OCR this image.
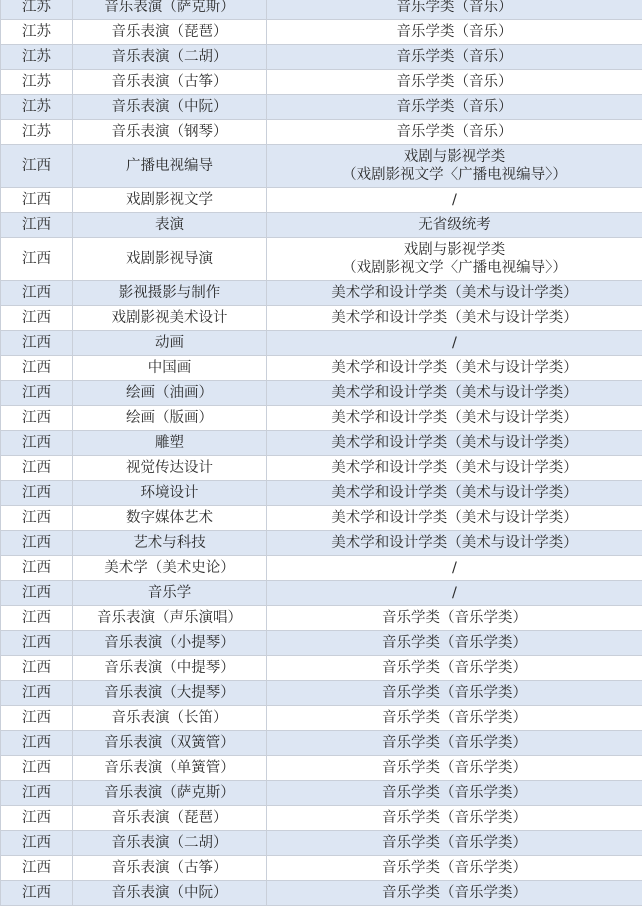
江苏	音乐表演（萨克斯）	音乐学类（音乐）

江苏	音乐表演（琵琶）	音乐学类（音乐）

江苏	音乐表演（二胡）	音乐学类（音乐）

江苏	音乐表演（古筝）	音乐学类（音乐）

江苏	音乐表演（中阮）	音乐学类（音乐）

江苏	音乐表演（钢琴）	音乐学类（音乐）

江西	广播电视编导	戏剧与影视学类
（戏剧影视文学〈广播电视编导〉）

江西	戏剧影视文学	/

江西	表演	无省级统考

江西	戏剧影视导演	戏剧与影视学类
（戏剧影视文学〈广播电视编导〉）

江西	影视摄影与制作	美术学和设计学类（美术与设计学类）

江西	戏剧影视美术设计	美术学和设计学类（美术与设计学类）

江西	动画	/

江西	中国画	美术学和设计学类（美术与设计学类）

江西	绘画（油画）	美术学和设计学类（美术与设计学类）

江西	绘画（版画）	美术学和设计学类（美术与设计学类）

江西	雕塑	美术学和设计学类（美术与设计学类）

江西	视觉传达设计	美术学和设计学类（美术与设计学类）

江西	环境设计	美术学和设计学类（美术与设计学类）

江西	数字媒体艺术	美术学和设计学类（美术与设计学类）

江西	艺术与科技	美术学和设计学类（美术与设计学类）

江西	美术学（美术史论）	/

江西	音乐学	/

江西	音乐表演（声乐演唱）	音乐学类（音乐学类）

江西	音乐表演（小提琴）	音乐学类（音乐学类）

江西	音乐表演（中提琴）	音乐学类（音乐学类）

江西	音乐表演（大提琴）	音乐学类（音乐学类）

江西	音乐表演（长笛）	音乐学类（音乐学类）

江西	音乐表演（双簧管）	音乐学类（音乐学类）

江西	音乐表演（单簧管）	音乐学类（音乐学类）

江西	音乐表演（萨克斯）	音乐学类（音乐学类）

江西	音乐表演（琵琶）	音乐学类（音乐学类）

江西	音乐表演（二胡）	音乐学类（音乐学类）

江西	音乐表演（古筝）	音乐学类（音乐学类）

江西	音乐表演（中阮）	音乐学类（音乐学类）
